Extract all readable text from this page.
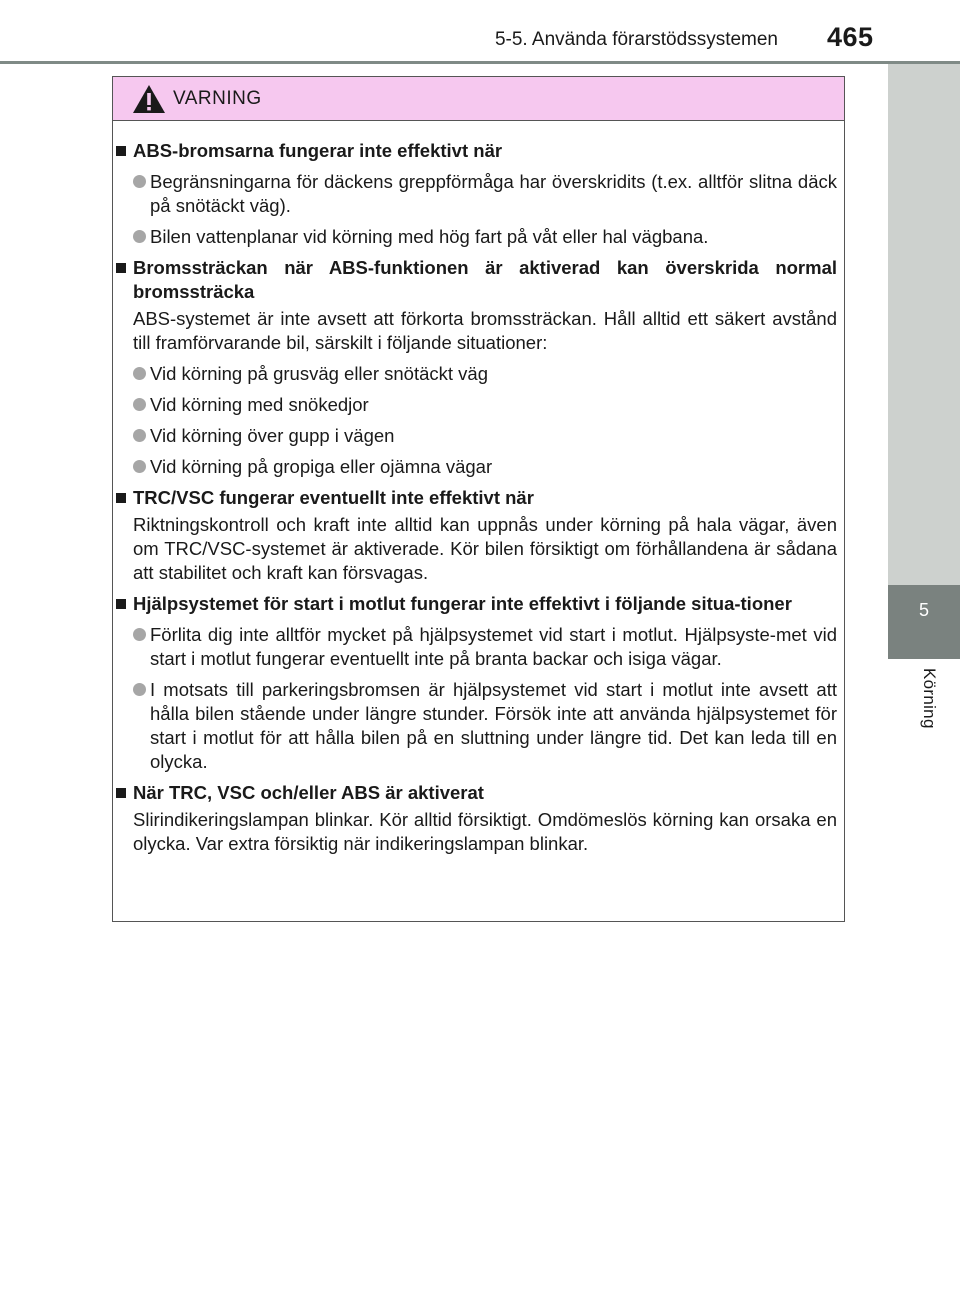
5-5. Använda förarstödssystemen 465
5
Körning
VARNING
ABS-bromsarna fungerar inte effektivt när
Begränsningarna för däckens greppförmåga har överskridits (t.ex. alltför slitna däck på snötäckt väg).
Bilen vattenplanar vid körning med hög fart på våt eller hal vägbana.
Bromssträckan när ABS-funktionen är aktiverad kan överskrida normal bromssträcka
ABS-systemet är inte avsett att förkorta bromssträckan. Håll alltid ett säkert avstånd till framförvarande bil, särskilt i följande situationer:
Vid körning på grusväg eller snötäckt väg
Vid körning med snökedjor
Vid körning över gupp i vägen
Vid körning på gropiga eller ojämna vägar
TRC/VSC fungerar eventuellt inte effektivt när
Riktningskontroll och kraft inte alltid kan uppnås under körning på hala vägar, även om TRC/VSC-systemet är aktiverade. Kör bilen försiktigt om förhållandena är sådana att stabilitet och kraft kan försvagas.
Hjälpsystemet för start i motlut fungerar inte effektivt i följande situa-tioner
Förlita dig inte alltför mycket på hjälpsystemet vid start i motlut. Hjälpsyste-met vid start i motlut fungerar eventuellt inte på branta backar och isiga vägar.
I motsats till parkeringsbromsen är hjälpsystemet vid start i motlut inte avsett att hålla bilen stående under längre stunder. Försök inte att använda hjälpsystemet för start i motlut för att hålla bilen på en sluttning under längre tid. Det kan leda till en olycka.
När TRC, VSC och/eller ABS är aktiverat
Slirindikeringslampan blinkar. Kör alltid försiktigt. Omdömeslös körning kan orsaka en olycka. Var extra försiktig när indikeringslampan blinkar.
